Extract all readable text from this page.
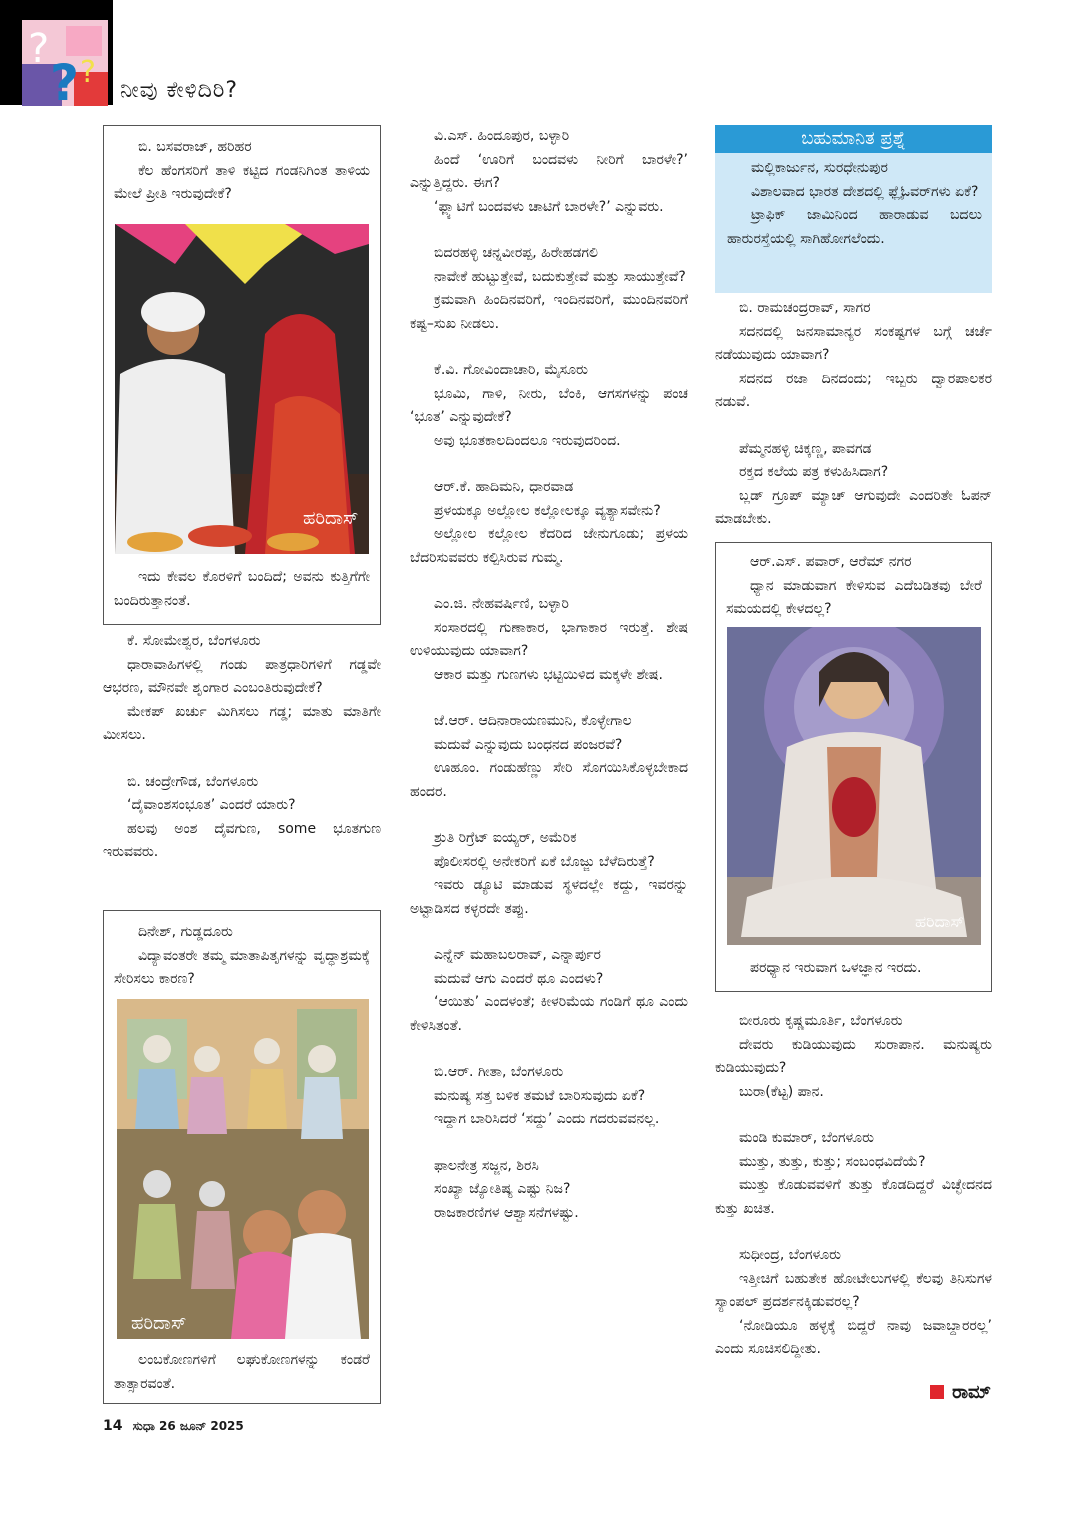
?
? ?
ನೀವು ಕೇಳಿದಿರಿ?

ಬಿ. ಬಸವರಾಜ್, ಹರಿಹರ

ಕೆಲ ಹೆಂಗಸರಿಗೆ ತಾಳಿ ಕಟ್ಟಿದ ಗಂಡನಿಗಿಂತ ತಾಳಿಯ ಮೇಲೆ ಪ್ರೀತಿ ಇರುವುದೇಕೆ?

ಹರಿದಾಸ್

ಇದು ಕೇವಲ ಕೊರಳಿಗೆ ಬಂದಿದೆ; ಅವನು ಕುತ್ತಿಗೆಗೇ ಬಂದಿರುತ್ತಾನಂತೆ.

ಕೆ. ಸೋಮೇಶ್ವರ, ಬೆಂಗಳೂರು

ಧಾರಾವಾಹಿಗಳಲ್ಲಿ ಗಂಡು ಪಾತ್ರಧಾರಿಗಳಿಗೆ ಗಡ್ಡವೇ ಆಭರಣ, ಮೌನವೇ ಶೃಂಗಾರ ಎಂಬಂತಿರುವುದೇಕೆ?

ಮೇಕಪ್ ಖರ್ಚು ಮಿಗಿಸಲು ಗಡ್ಡ; ಮಾತು ಮಾತಿಗೇ ಮೀಸಲು.

ಬಿ. ಚಂದ್ರೇಗೌಡ, ಬೆಂಗಳೂರು

‘ದೈವಾಂಶಸಂಭೂತ’ ಎಂದರೆ ಯಾರು?

ಹಲವು ಅಂಶ ದೈವಗುಣ, some ಭೂತಗುಣ ಇರುವವರು.

ದಿನೇಶ್, ಗುಡ್ಡದೂರು

ವಿದ್ಯಾವಂತರೇ ತಮ್ಮ ಮಾತಾಪಿತೃಗಳನ್ನು ವೃದ್ಧಾಶ್ರಮಕ್ಕೆ ಸೇರಿಸಲು ಕಾರಣ?

ಹರಿದಾಸ್

ಲಂಬಕೋಣಗಳಿಗೆ ಲಘುಕೋಣಗಳನ್ನು ಕಂಡರೆ ತಾತ್ಸಾರವಂತೆ.

ವಿ.ಎಸ್. ಹಿಂದೂಪುರ, ಬಳ್ಳಾರಿ

ಹಿಂದೆ ‘ಊರಿಗೆ ಬಂದವಳು ನೀರಿಗೆ ಬಾರಳೇ?’ ಎನ್ನುತ್ತಿದ್ದರು. ಈಗ?

‘ಫ್ಲ್ಯಾಟಿಗೆ ಬಂದವಳು ಚಾಟಿಗೆ ಬಾರಳೇ?’ ಎನ್ನುವರು.

ಬಿದರಹಳ್ಳಿ ಚನ್ನವೀರಪ್ಪ, ಹಿರೇಹಡಗಲಿ

ನಾವೇಕೆ ಹುಟ್ಟುತ್ತೇವೆ, ಬದುಕುತ್ತೇವೆ ಮತ್ತು ಸಾಯುತ್ತೇವೆ?

ಕ್ರಮವಾಗಿ ಹಿಂದಿನವರಿಗೆ, ಇಂದಿನವರಿಗೆ, ಮುಂದಿನವರಿಗೆ ಕಷ್ಟ–ಸುಖ ನೀಡಲು.

ಕೆ.ವಿ. ಗೋವಿಂದಾಚಾರಿ, ಮೈಸೂರು

ಭೂಮಿ, ಗಾಳಿ, ನೀರು, ಬೆಂಕಿ, ಆಗಸಗಳನ್ನು ಪಂಚ ‘ಭೂತ’ ಎನ್ನುವುದೇಕೆ?

ಅವು ಭೂತಕಾಲದಿಂದಲೂ ಇರುವುದರಿಂದ.

ಆರ್.ಕೆ. ಹಾದಿಮನಿ, ಧಾರವಾಡ

ಪ್ರಳಯಕ್ಕೂ ಅಲ್ಲೋಲ ಕಲ್ಲೋಲಕ್ಕೂ ವ್ಯತ್ಯಾಸವೇನು?

ಅಲ್ಲೋಲ ಕಲ್ಲೋಲ ಕೆದರಿದ ಜೇನುಗೂಡು; ಪ್ರಳಯ ಬೆದರಿಸುವವರು ಕಲ್ಪಿಸಿರುವ ಗುಮ್ಮ.

ಎಂ.ಜಿ. ನೇಹವರ್ಷಿಣಿ, ಬಳ್ಳಾರಿ

ಸಂಸಾರದಲ್ಲಿ ಗುಣಾಕಾರ, ಭಾಗಾಕಾರ ಇರುತ್ತೆ. ಶೇಷ ಉಳಿಯುವುದು ಯಾವಾಗ?

ಆಕಾರ ಮತ್ತು ಗುಣಗಳು ಭಟ್ಟಿಯಿಳಿದ ಮಕ್ಕಳೇ ಶೇಷ.

ಜೆ.ಆರ್. ಆದಿನಾರಾಯಣಮುನಿ, ಕೊಳ್ಳೇಗಾಲ

ಮದುವೆ ಎನ್ನುವುದು ಬಂಧನದ ಪಂಜರವೆ?

ಊಹೂಂ. ಗಂಡುಹೆಣ್ಣು ಸೇರಿ ಸೊಗಯಿಸಿಕೊಳ್ಳಬೇಕಾದ ಹಂದರ.

ಶ್ರುತಿ ರಿಗ್ರೆಟ್ ಐಯ್ಯರ್, ಅಮೆರಿಕ

ಪೊಲೀಸರಲ್ಲಿ ಅನೇಕರಿಗೆ ಏಕೆ ಬೊಜ್ಜು ಬೆಳೆದಿರುತ್ತೆ?

ಇವರು ಡ್ಯೂಟಿ ಮಾಡುವ ಸ್ಥಳದಲ್ಲೇ ಕದ್ದು, ಇವರನ್ನು ಅಟ್ಟಾಡಿಸದ ಕಳ್ಳರದೇ ತಪ್ಪು.

ಎನ್ನೆನ್ ಮಹಾಬಲರಾವ್, ಎನ್ನಾರ್ಪುರ

ಮದುವೆ ಆಗು ಎಂದರೆ ಥೂ ಎಂದಳು?

‘ಆಯಿತು’ ಎಂದಳಂತೆ; ಕೀಳರಿಮೆಯ ಗಂಡಿಗೆ ಥೂ ಎಂದು ಕೇಳಿಸಿತಂತೆ.

ಬಿ.ಆರ್. ಗೀತಾ, ಬೆಂಗಳೂರು

ಮನುಷ್ಯ ಸತ್ತ ಬಳಿಕ ತಮಟೆ ಬಾರಿಸುವುದು ಏಕೆ?

ಇದ್ದಾಗ ಬಾರಿಸಿದರೆ ‘ಸದ್ದು’ ಎಂದು ಗದರುವವನಲ್ಲ.

ಫಾಲನೇತ್ರ ಸಜ್ಜನ, ಶಿರಸಿ

ಸಂಖ್ಯಾ ಜ್ಯೋತಿಷ್ಯ ಎಷ್ಟು ನಿಜ?

ರಾಜಕಾರಣಿಗಳ ಆಶ್ವಾಸನೆಗಳಷ್ಟು.

ಬಹುಮಾನಿತ ಪ್ರಶ್ನೆ

ಮಲ್ಲಿಕಾರ್ಜುನ, ಸುರಧೇನುಪುರ

ವಿಶಾಲವಾದ ಭಾರತ ದೇಶದಲ್ಲಿ ಫ್ಲೈಓವರ್‌ಗಳು ಏಕೆ?

ಟ್ರಾಫಿಕ್ ಜಾಮಿನಿಂದ ಹಾರಾಡುವ ಬದಲು ಹಾರುರಸ್ತೆಯಲ್ಲಿ ಸಾಗಿಹೋಗಲೆಂದು.

ಬಿ. ರಾಮಚಂದ್ರರಾವ್, ಸಾಗರ

ಸದನದಲ್ಲಿ ಜನಸಾಮಾನ್ಯರ ಸಂಕಷ್ಟಗಳ ಬಗ್ಗೆ ಚರ್ಚೆ ನಡೆಯುವುದು ಯಾವಾಗ?

ಸದನದ ರಜಾ ದಿನದಂದು; ಇಬ್ಬರು ದ್ವಾರಪಾಲಕರ ನಡುವೆ.

ಪೆಮ್ಮನಹಳ್ಳಿ ಚಿಕ್ಕಣ್ಣ, ಪಾವಗಡ

ರಕ್ತದ ಕಲೆಯ ಪತ್ರ ಕಳುಹಿಸಿದಾಗ?

ಬ್ಲಡ್ ಗ್ರೂಪ್ ಮ್ಯಾಚ್ ಆಗುವುದೇ ಎಂದರಿತೇ ಓಪನ್ ಮಾಡಬೇಕು.

ಆರ್.ಎಸ್. ಪವಾರ್, ಆರೆಮ್ ನಗರ

ಧ್ಯಾನ ಮಾಡುವಾಗ ಕೇಳಿಸುವ ಎದೆಬಡಿತವು ಬೇರೆ ಸಮಯದಲ್ಲಿ ಕೇಳದಲ್ಲ?

ಹರಿದಾಸ್

ಪರಧ್ಯಾನ ಇರುವಾಗ ಒಳಜ್ಞಾನ ಇರದು.

ಬೀರೂರು ಕೃಷ್ಣಮೂರ್ತಿ, ಬೆಂಗಳೂರು

ದೇವರು ಕುಡಿಯುವುದು ಸುರಾಪಾನ. ಮನುಷ್ಯರು ಕುಡಿಯುವುದು?

ಬುರಾ(ಕೆಟ್ಟ) ಪಾನ.

ಮಂಡಿ ಕುಮಾರ್, ಬೆಂಗಳೂರು

ಮುತ್ತು, ತುತ್ತು, ಕುತ್ತು; ಸಂಬಂಧವಿದೆಯೆ?

ಮುತ್ತು ಕೊಡುವವಳಿಗೆ ತುತ್ತು ಕೊಡದಿದ್ದರೆ ವಿಚ್ಛೇದನದ ಕುತ್ತು ಖಚಿತ.

ಸುಧೀಂದ್ರ, ಬೆಂಗಳೂರು

ಇತ್ತೀಚಿಗೆ ಬಹುತೇಕ ಹೋಟೇಲುಗಳಲ್ಲಿ ಕೆಲವು ತಿನಿಸುಗಳ ಸ್ಯಾಂಪಲ್ ಪ್ರದರ್ಶನಕ್ಕಿಡುವರಲ್ಲ?

‘ನೋಡಿಯೂ ಹಳ್ಳಕ್ಕೆ ಬಿದ್ದರೆ ನಾವು ಜವಾಬ್ದಾರರಲ್ಲ’ ಎಂದು ಸೂಚಿಸಲಿದ್ದೀತು.

ರಾಮ್
14 ಸುಧಾ 26 ಜೂನ್ 2025
